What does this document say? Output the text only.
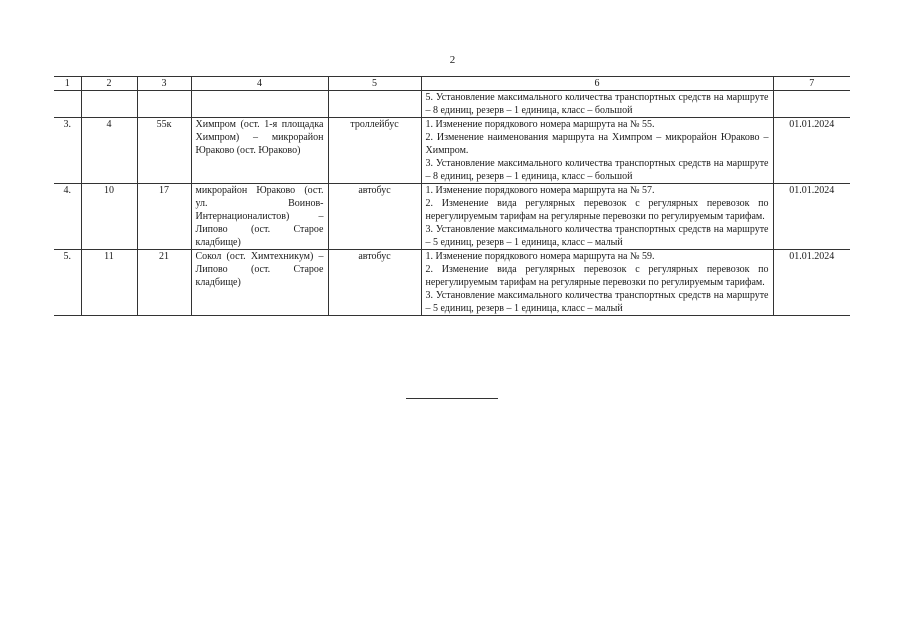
2
1	2	3	4	5	6	7

					5. Установление максимального количества транспортных средств на маршруте – 8 единиц, резерв – 1 единица, класс – большой	

3.	4	55к	Химпром (ост. 1-я площадка Химпром) – микрорайон Юраково (ост. Юраково)	троллейбус	1. Изменение порядкового номера маршрута на № 55.
2. Изменение наименования маршрута на Химпром – микрорайон Юраково – Химпром.
3. Установление максимального количества транспортных средств на маршруте – 8 единиц, резерв – 1 единица, класс – большой	01.01.2024
4.	10	17	микрорайон Юраково (ост. ул. Воинов-Интернационалистов) – Липово (ост. Старое кладбище)	автобус	1. Изменение порядкового номера маршрута на № 57.
2. Изменение вида регулярных перевозок с регулярных перевозок по нерегулируемым тарифам на регулярные перевозки по регулируемым тарифам.
3. Установление максимального количества транспортных средств на маршруте – 5 единиц, резерв – 1 единица, класс – малый	01.01.2024
5.	11	21	Сокол (ост. Химтехникум) – Липово (ост. Старое кладбище)	автобус	1. Изменение порядкового номера маршрута на № 59.
2. Изменение вида регулярных перевозок с регулярных перевозок по нерегулируемым тарифам на регулярные перевозки по регулируемым тарифам.
3. Установление максимального количества транспортных средств на маршруте – 5 единиц, резерв – 1 единица, класс – малый	01.01.2024
